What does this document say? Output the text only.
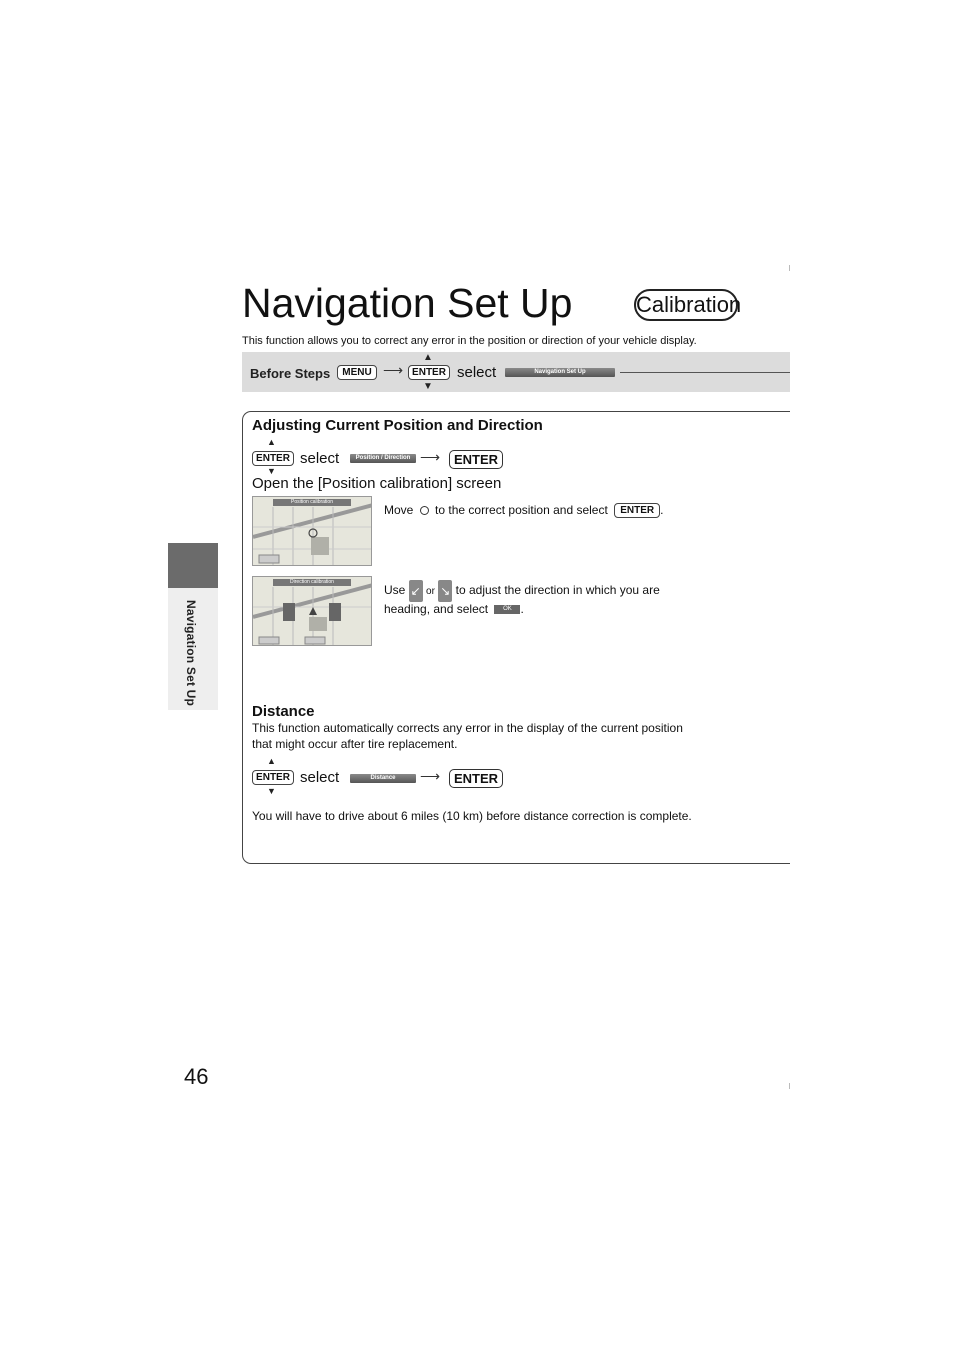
Navigation Set Up
46
Navigation Set Up	Calibration
This function allows you to correct any error in the position or direction of your vehicle display.
Before Steps	MENU ⟶
▲
ENTER
▼
select	Navigation Set Up
Adjusting Current Position and Direction
▲
ENTER
▼
select	Position / Direction ⟶	ENTER
Open the [Position calibration] screen
Position calibration
Move to the correct position and select ENTER .
Direction calibration
Use ↙ or ↘ to adjust the direction in which you are
heading, and select	OK .
Distance
This function automatically corrects any error in the display of the current position
that might occur after tire replacement.
▲
ENTER
▼
select	Distance	⟶	ENTER
You will have to drive about 6 miles (10 km) before distance correction is complete.
